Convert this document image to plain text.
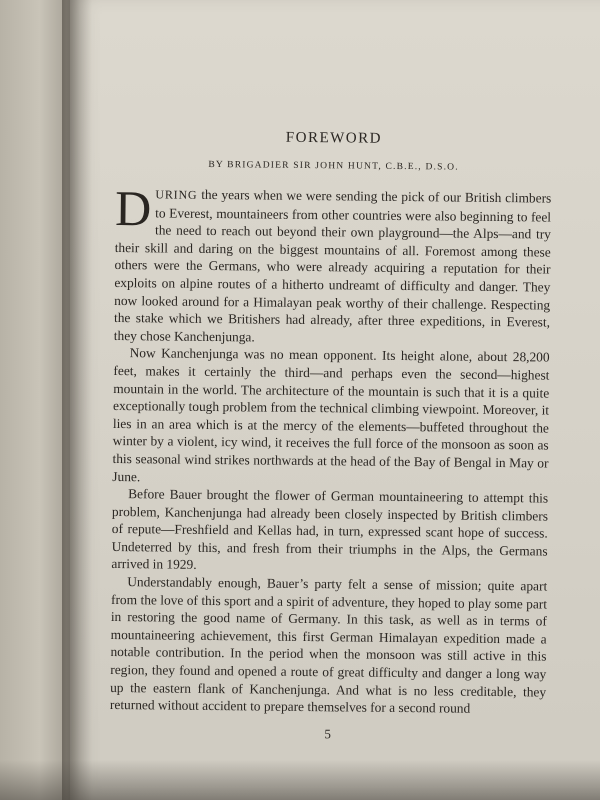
FOREWORD
BY BRIGADIER SIR JOHN HUNT, C.B.E., D.S.O.

DURING the years when we were sending the pick of our British climbers to Everest, mountaineers from other countries were also beginning to feel the need to reach out beyond their own playground—the Alps—and try their skill and daring on the biggest mountains of all. Foremost among these others were the Germans, who were already acquiring a reputation for their exploits on alpine routes of a hitherto undreamt of difficulty and danger. They now looked around for a Himalayan peak worthy of their challenge. Respecting the stake which we Britishers had already, after three expeditions, in Everest, they chose Kanchenjunga.

Now Kanchenjunga was no mean opponent. Its height alone, about 28,200 feet, makes it certainly the third—and perhaps even the second—highest mountain in the world. The architecture of the mountain is such that it is a quite exceptionally tough problem from the technical climbing viewpoint. Moreover, it lies in an area which is at the mercy of the elements—buffeted throughout the winter by a violent, icy wind, it receives the full force of the monsoon as soon as this seasonal wind strikes northwards at the head of the Bay of Bengal in May or June.

Before Bauer brought the flower of German mountaineering to attempt this problem, Kanchenjunga had already been closely inspected by British climbers of repute—Freshfield and Kellas had, in turn, expressed scant hope of success. Undeterred by this, and fresh from their triumphs in the Alps, the Germans arrived in 1929.

Understandably enough, Bauer’s party felt a sense of mission; quite apart from the love of this sport and a spirit of adventure, they hoped to play some part in restoring the good name of Germany. In this task, as well as in terms of mountaineering achievement, this first German Himalayan expedition made a notable contribution. In the period when the monsoon was still active in this region, they found and opened a route of great difficulty and danger a long way up the eastern flank of Kanchenjunga. And what is no less creditable, they returned without accident to prepare themselves for a second round

5
